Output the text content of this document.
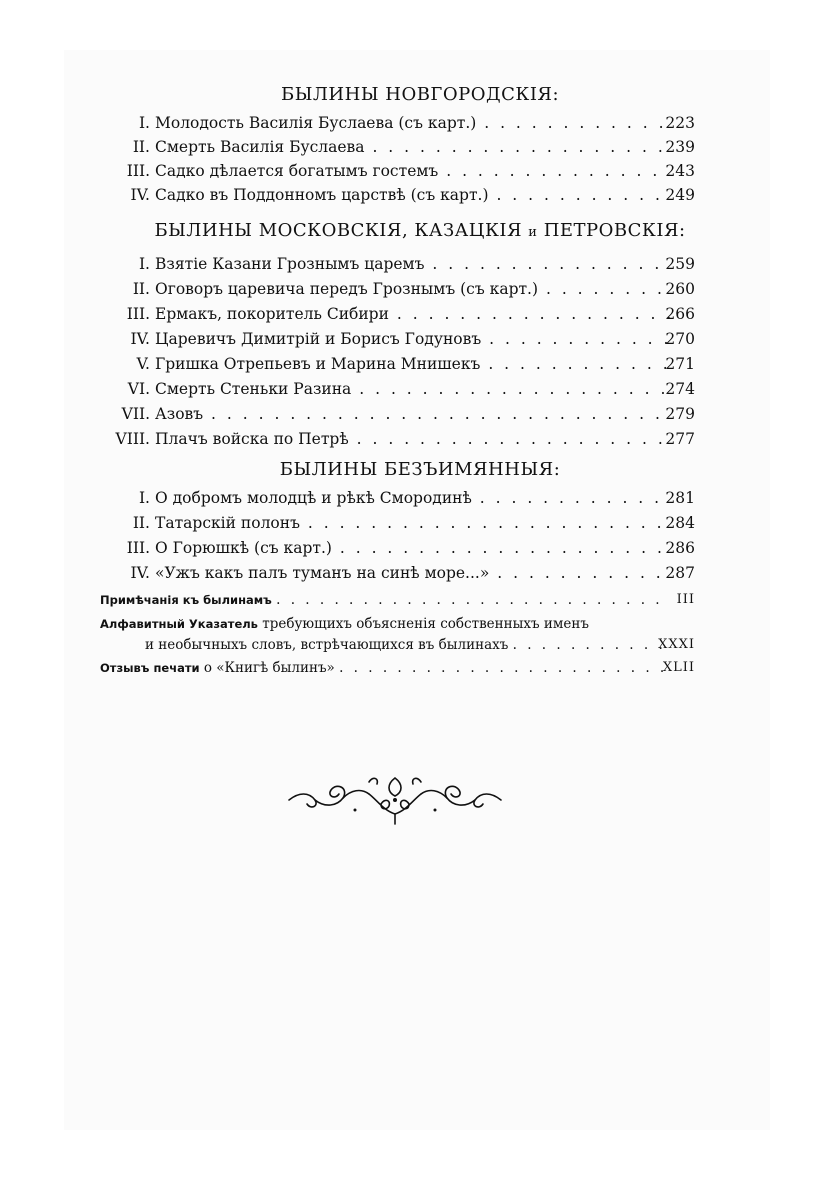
БЫЛИНЫ НОВГОРОДСКІЯ:
I. Молодость Василія Буслаева (съ карт.) . . .	223
II. Смерть Василія Буслаева . . .	239
III. Садко дѣлается богатымъ гостемъ . . .	243
IV. Садко въ Поддонномъ царствѣ (съ карт.) . . .	249
БЫЛИНЫ МОСКОВСКІЯ, КАЗАЦКІЯ и ПЕТРОВСКІЯ:
I. Взятіе Казани Грознымъ царемъ . . .	259
II. Оговоръ царевича передъ Грознымъ (съ карт.) . . .	260
III. Ермакъ, покоритель Сибири . . .	266
IV. Царевичъ Димитрій и Борисъ Годуновъ . . .	270
V. Гришка Отрепьевъ и Марина Мнишекъ . . .	271
VI. Смерть Стеньки Разина . . .	274
VII. Азовъ . . .	279
VIII. Плачъ войска по Петрѣ . . .	277
БЫЛИНЫ БЕЗЪИМЯННЫЯ:
I. О добромъ молодцѣ и рѣкѣ Смородинѣ . . .	281
II. Татарскій полонъ . . .	284
III. О Горюшкѣ (съ карт.) . . .	286
IV. «Ужъ какъ палъ туманъ на синѣ море...» . . .	287
Примѣчанія къ былинамъ . . .	III
Алфавитный Указатель требующихъ объясненія собственныхъ именъ
и необычныхъ словъ, встрѣчающихся въ былинахъ . . .	XXXI
Отзывъ печати о «Книгѣ былинъ» . . .	XLII
